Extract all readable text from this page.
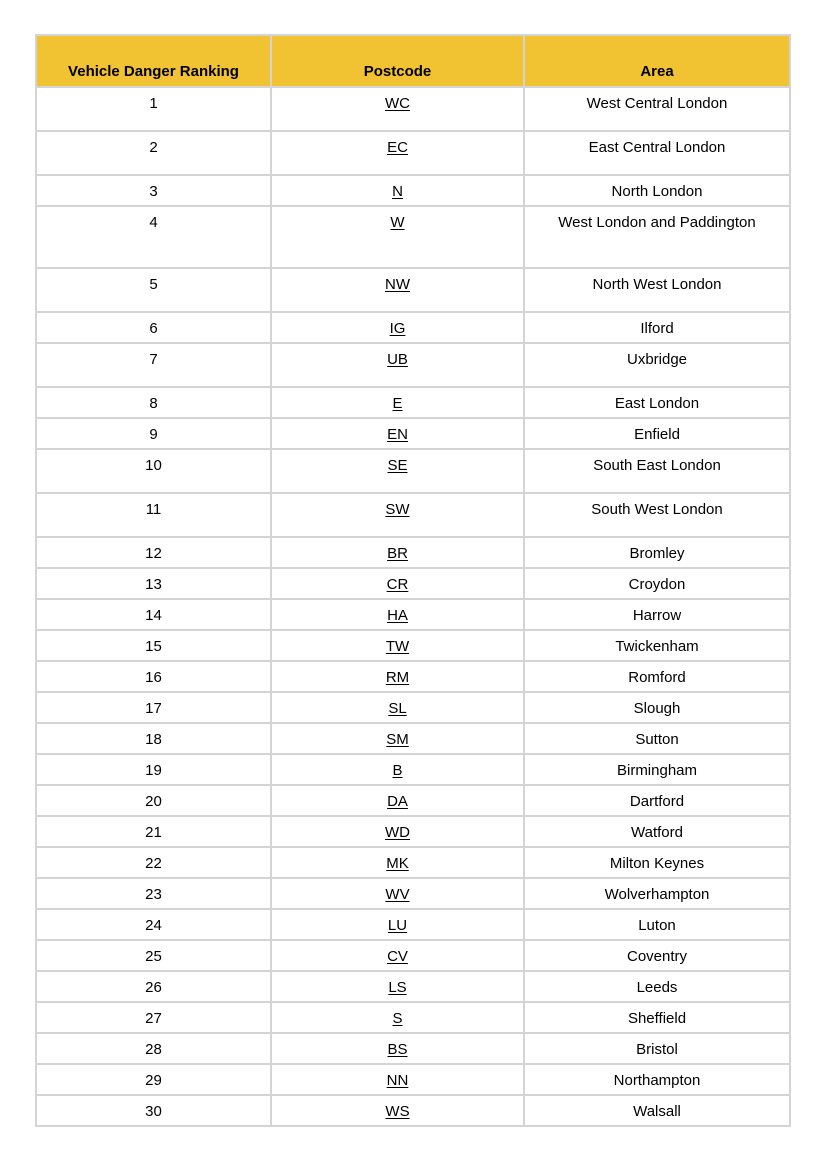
Vehicle Danger Ranking	Postcode	Area
1	WC	West Central London
2	EC	East Central London
3	N	North London
4	W	West London and Paddington
5	NW	North West London
6	IG	Ilford
7	UB	Uxbridge
8	E	East London
9	EN	Enfield
10	SE	South East London
11	SW	South West London
12	BR	Bromley
13	CR	Croydon
14	HA	Harrow
15	TW	Twickenham
16	RM	Romford
17	SL	Slough
18	SM	Sutton
19	B	Birmingham
20	DA	Dartford
21	WD	Watford
22	MK	Milton Keynes
23	WV	Wolverhampton
24	LU	Luton
25	CV	Coventry
26	LS	Leeds
27	S	Sheffield
28	BS	Bristol
29	NN	Northampton
30	WS	Walsall
